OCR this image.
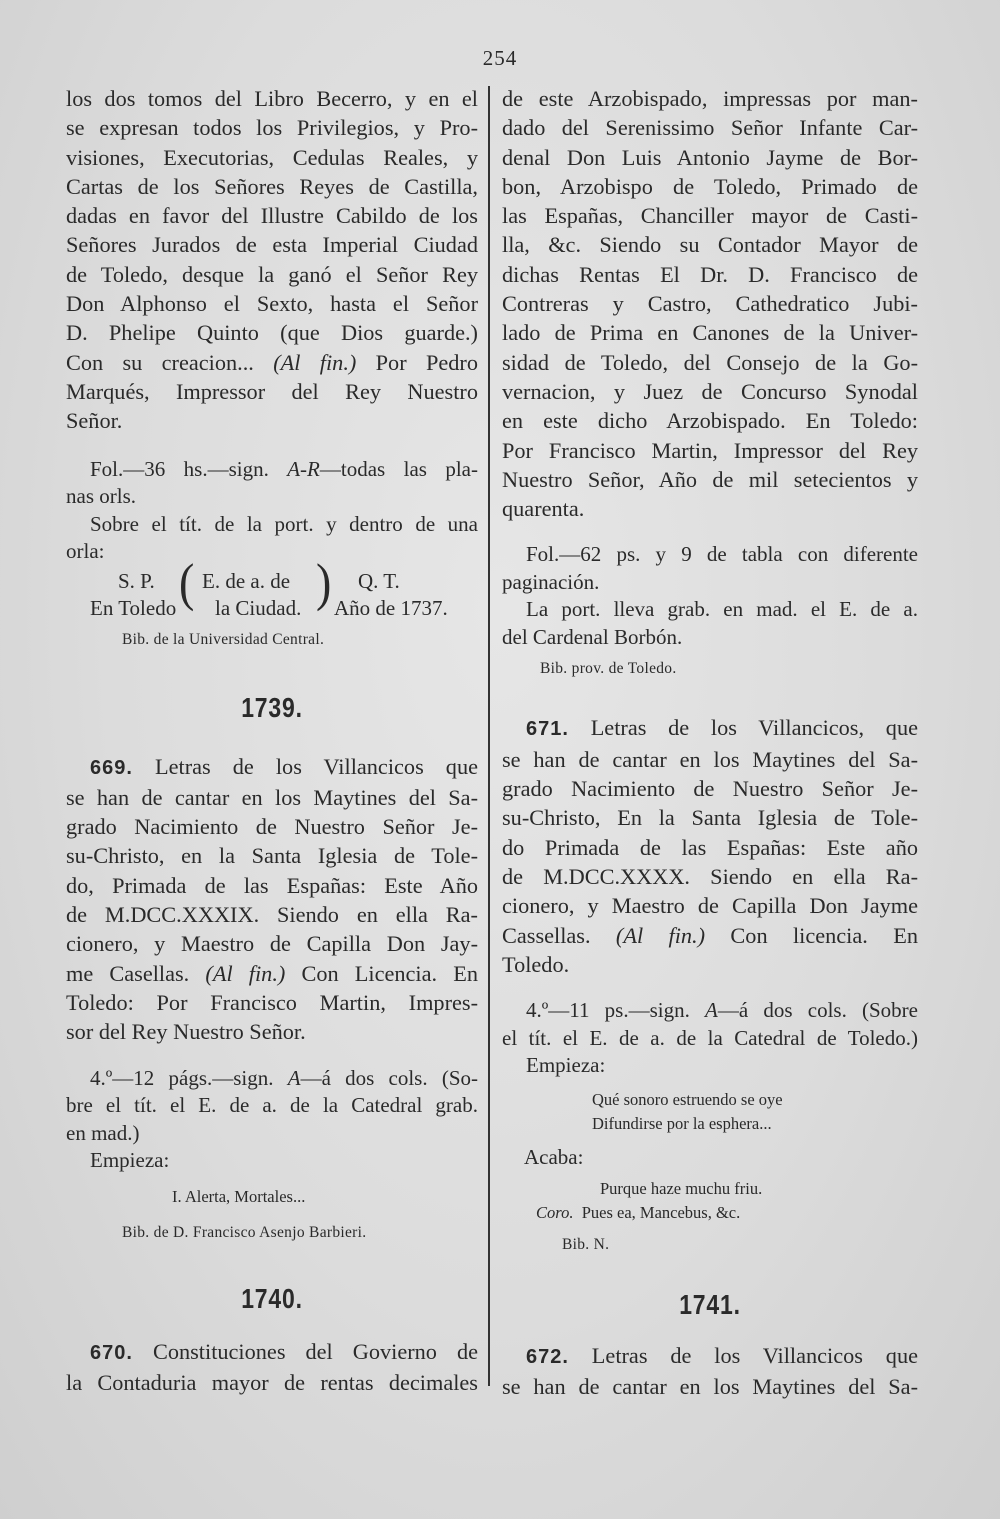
254
los dos tomos del Libro Becerro, y en el
se expresan todos los Privilegios, y Pro-
visiones, Executorias, Cedulas Reales, y
Cartas de los Señores Reyes de Castilla,
dadas en favor del Illustre Cabildo de los
Señores Jurados de esta Imperial Ciudad
de Toledo, desque la ganó el Señor Rey
Don Alphonso el Sexto, hasta el Señor
D. Phelipe Quinto (que Dios guarde.)
Con su creacion... (Al fin.) Por Pedro
Marqués, Impressor del Rey Nuestro
Señor.
Fol.—36 hs.—sign. A-R—todas las pla-
nas orls.
Sobre el tít. de la port. y dentro de una
orla:
S. P. ( E. de a. de ) Q. T.
En Toledo la Ciudad. Año de 1737.
Bib. de la Universidad Central.
1739.
669. Letras de los Villancicos que
se han de cantar en los Maytines del Sa-
grado Nacimiento de Nuestro Señor Je-
su-Christo, en la Santa Iglesia de Tole-
do, Primada de las Españas: Este Año
de M.DCC.XXXIX. Siendo en ella Ra-
cionero, y Maestro de Capilla Don Jay-
me Casellas. (Al fin.) Con Licencia. En
Toledo: Por Francisco Martin, Impres-
sor del Rey Nuestro Señor.
4.º—12 págs.—sign. A—á dos cols. (So-
bre el tít. el E. de a. de la Catedral grab.
en mad.)
Empieza:
I. Alerta, Mortales...
Bib. de D. Francisco Asenjo Barbieri.
1740.
670. Constituciones del Govierno de
la Contaduria mayor de rentas decimales
de este Arzobispado, impressas por man-
dado del Serenissimo Señor Infante Car-
denal Don Luis Antonio Jayme de Bor-
bon, Arzobispo de Toledo, Primado de
las Españas, Chanciller mayor de Casti-
lla, &c. Siendo su Contador Mayor de
dichas Rentas El Dr. D. Francisco de
Contreras y Castro, Cathedratico Jubi-
lado de Prima en Canones de la Univer-
sidad de Toledo, del Consejo de la Go-
vernacion, y Juez de Concurso Synodal
en este dicho Arzobispado. En Toledo:
Por Francisco Martin, Impressor del Rey
Nuestro Señor, Año de mil setecientos y
quarenta.
Fol.—62 ps. y 9 de tabla con diferente
paginación.
La port. lleva grab. en mad. el E. de a.
del Cardenal Borbón.
Bib. prov. de Toledo.
671. Letras de los Villancicos, que
se han de cantar en los Maytines del Sa-
grado Nacimiento de Nuestro Señor Je-
su-Christo, En la Santa Iglesia de Tole-
do Primada de las Españas: Este año
de M.DCC.XXXX. Siendo en ella Ra-
cionero, y Maestro de Capilla Don Jayme
Cassellas. (Al fin.) Con licencia. En
Toledo.
4.º—11 ps.—sign. A—á dos cols. (Sobre
el tít. el E. de a. de la Catedral de Toledo.)
Empieza:
Qué sonoro estruendo se oye
Difundirse por la esphera...
Acaba:
Purque haze muchu friu.
Coro. Pues ea, Mancebus, &c.
Bib. N.
1741.
672. Letras de los Villancicos que
se han de cantar en los Maytines del Sa-
